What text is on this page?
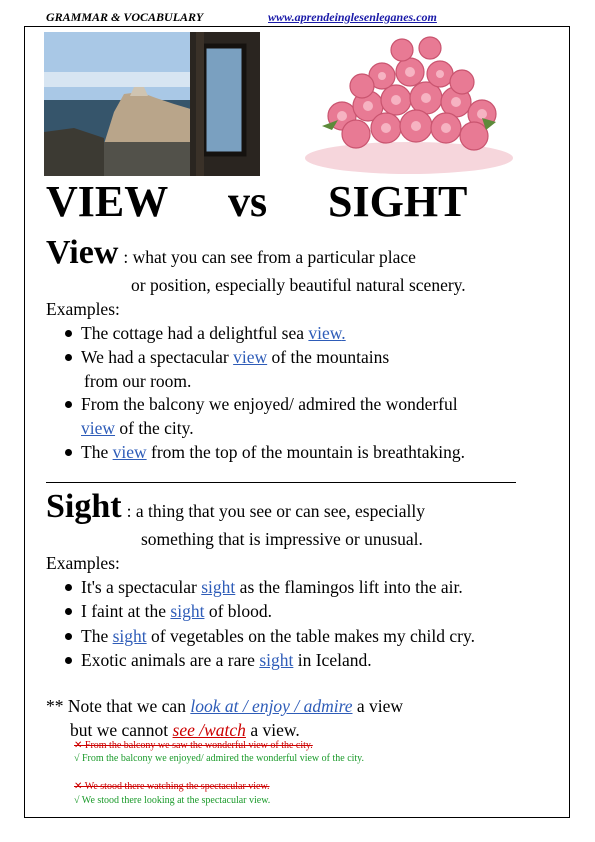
GRAMMAR & VOCABULARY	www.aprendeinglesenleganes.com
VIEW vs SIGHT
View : what you can see from a particular place
or position, especially beautiful natural scenery.
Examples:
The cottage had a delightful sea view.
We had a spectacular view of the mountains
from our room.
From the balcony we enjoyed/ admired the wonderful
view of the city.
The view from the top of the mountain is breathtaking.
Sight : a thing that you see or can see, especially
something that is impressive or unusual.
Examples:
It's a spectacular sight as the flamingos lift into the air.
I faint at the sight of blood.
The sight of vegetables on the table makes my child cry.
Exotic animals are a rare sight in Iceland.
** Note that we can look at / enjoy / admire a view
but we cannot see /watch a view.
✕ From the balcony we saw the wonderful view of the city.
√ From the balcony we enjoyed/ admired the wonderful view of the city.
✕ We stood there watching the spectacular view.
√ We stood there looking at the spectacular view.
